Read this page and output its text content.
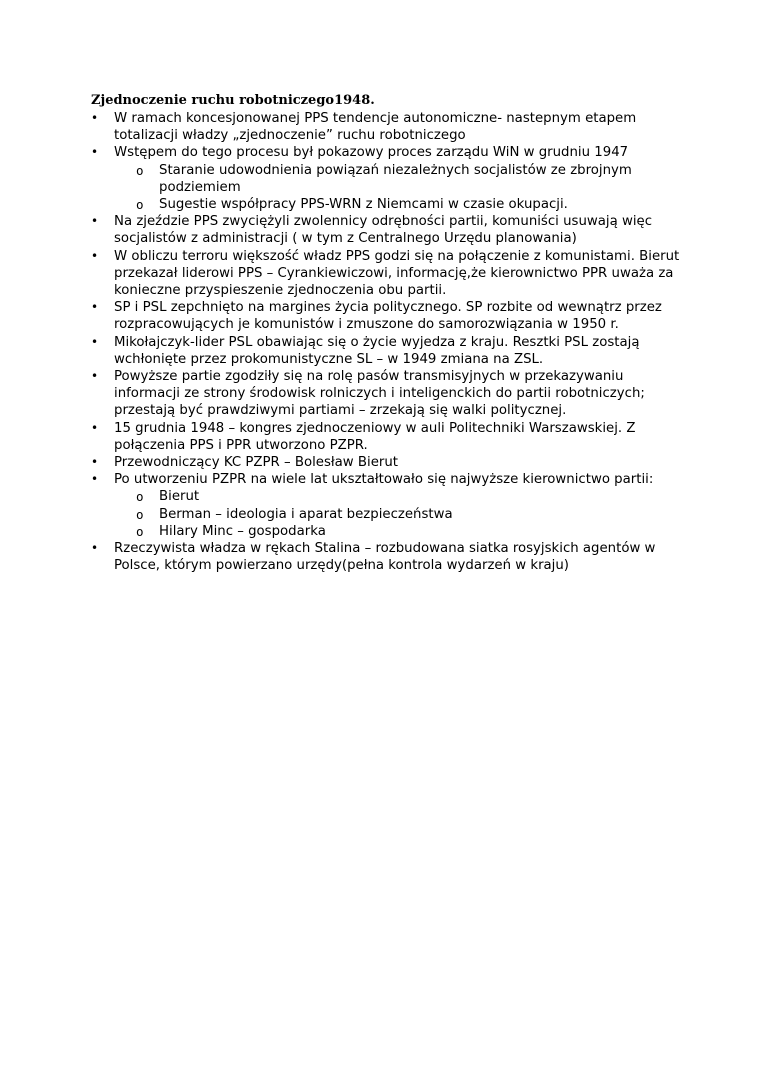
Zjednoczenie ruchu robotniczego1948.
•	W ramach koncesjonowanej PPS tendencje autonomiczne- nastepnym etapem totalizacji władzy „zjednoczenie” ruchu robotniczego
•	Wstępem do tego procesu był pokazowy proces zarządu WiN w grudniu 1947
o	Staranie udowodnienia powiązań niezależnych socjalistów ze zbrojnym podziemiem
o	Sugestie współpracy PPS-WRN z Niemcami w czasie okupacji.
•	Na zjeździe PPS zwyciężyli zwolennicy odrębności partii, komuniści usuwają więc socjalistów z administracji ( w tym z Centralnego Urzędu planowania)
•	W obliczu terroru większość władz PPS godzi się na połączenie z komunistami. Bierut przekazał liderowi PPS – Cyrankiewiczowi, informację,że kierownictwo PPR uważa za konieczne przyspieszenie zjednoczenia obu partii.
•	SP i PSL zepchnięto na margines życia politycznego. SP rozbite od wewnątrz przez rozpracowujących je komunistów i zmuszone do samorozwiązania w 1950 r.
•	Mikołajczyk-lider PSL obawiając się o życie wyjedza z kraju. Resztki PSL zostają wchłonięte przez prokomunistyczne SL – w 1949 zmiana na ZSL.
•	Powyższe partie zgodziły się na rolę pasów transmisyjnych w przekazywaniu informacji ze strony środowisk rolniczych i inteligenckich do partii robotniczych; przestają być prawdziwymi partiami – zrzekają się walki politycznej.
•	15 grudnia 1948 – kongres zjednoczeniowy w auli Politechniki Warszawskiej. Z połączenia PPS i PPR utworzono PZPR.
•	Przewodniczący KC PZPR – Bolesław Bierut
•	Po utworzeniu PZPR na wiele lat ukształtowało się najwyższe kierownictwo partii:
o	Bierut
o	Berman – ideologia i aparat bezpieczeństwa
o	Hilary Minc – gospodarka
•	Rzeczywista władza w rękach Stalina – rozbudowana siatka rosyjskich agentów w Polsce, którym powierzano urzędy(pełna kontrola wydarzeń w kraju)
